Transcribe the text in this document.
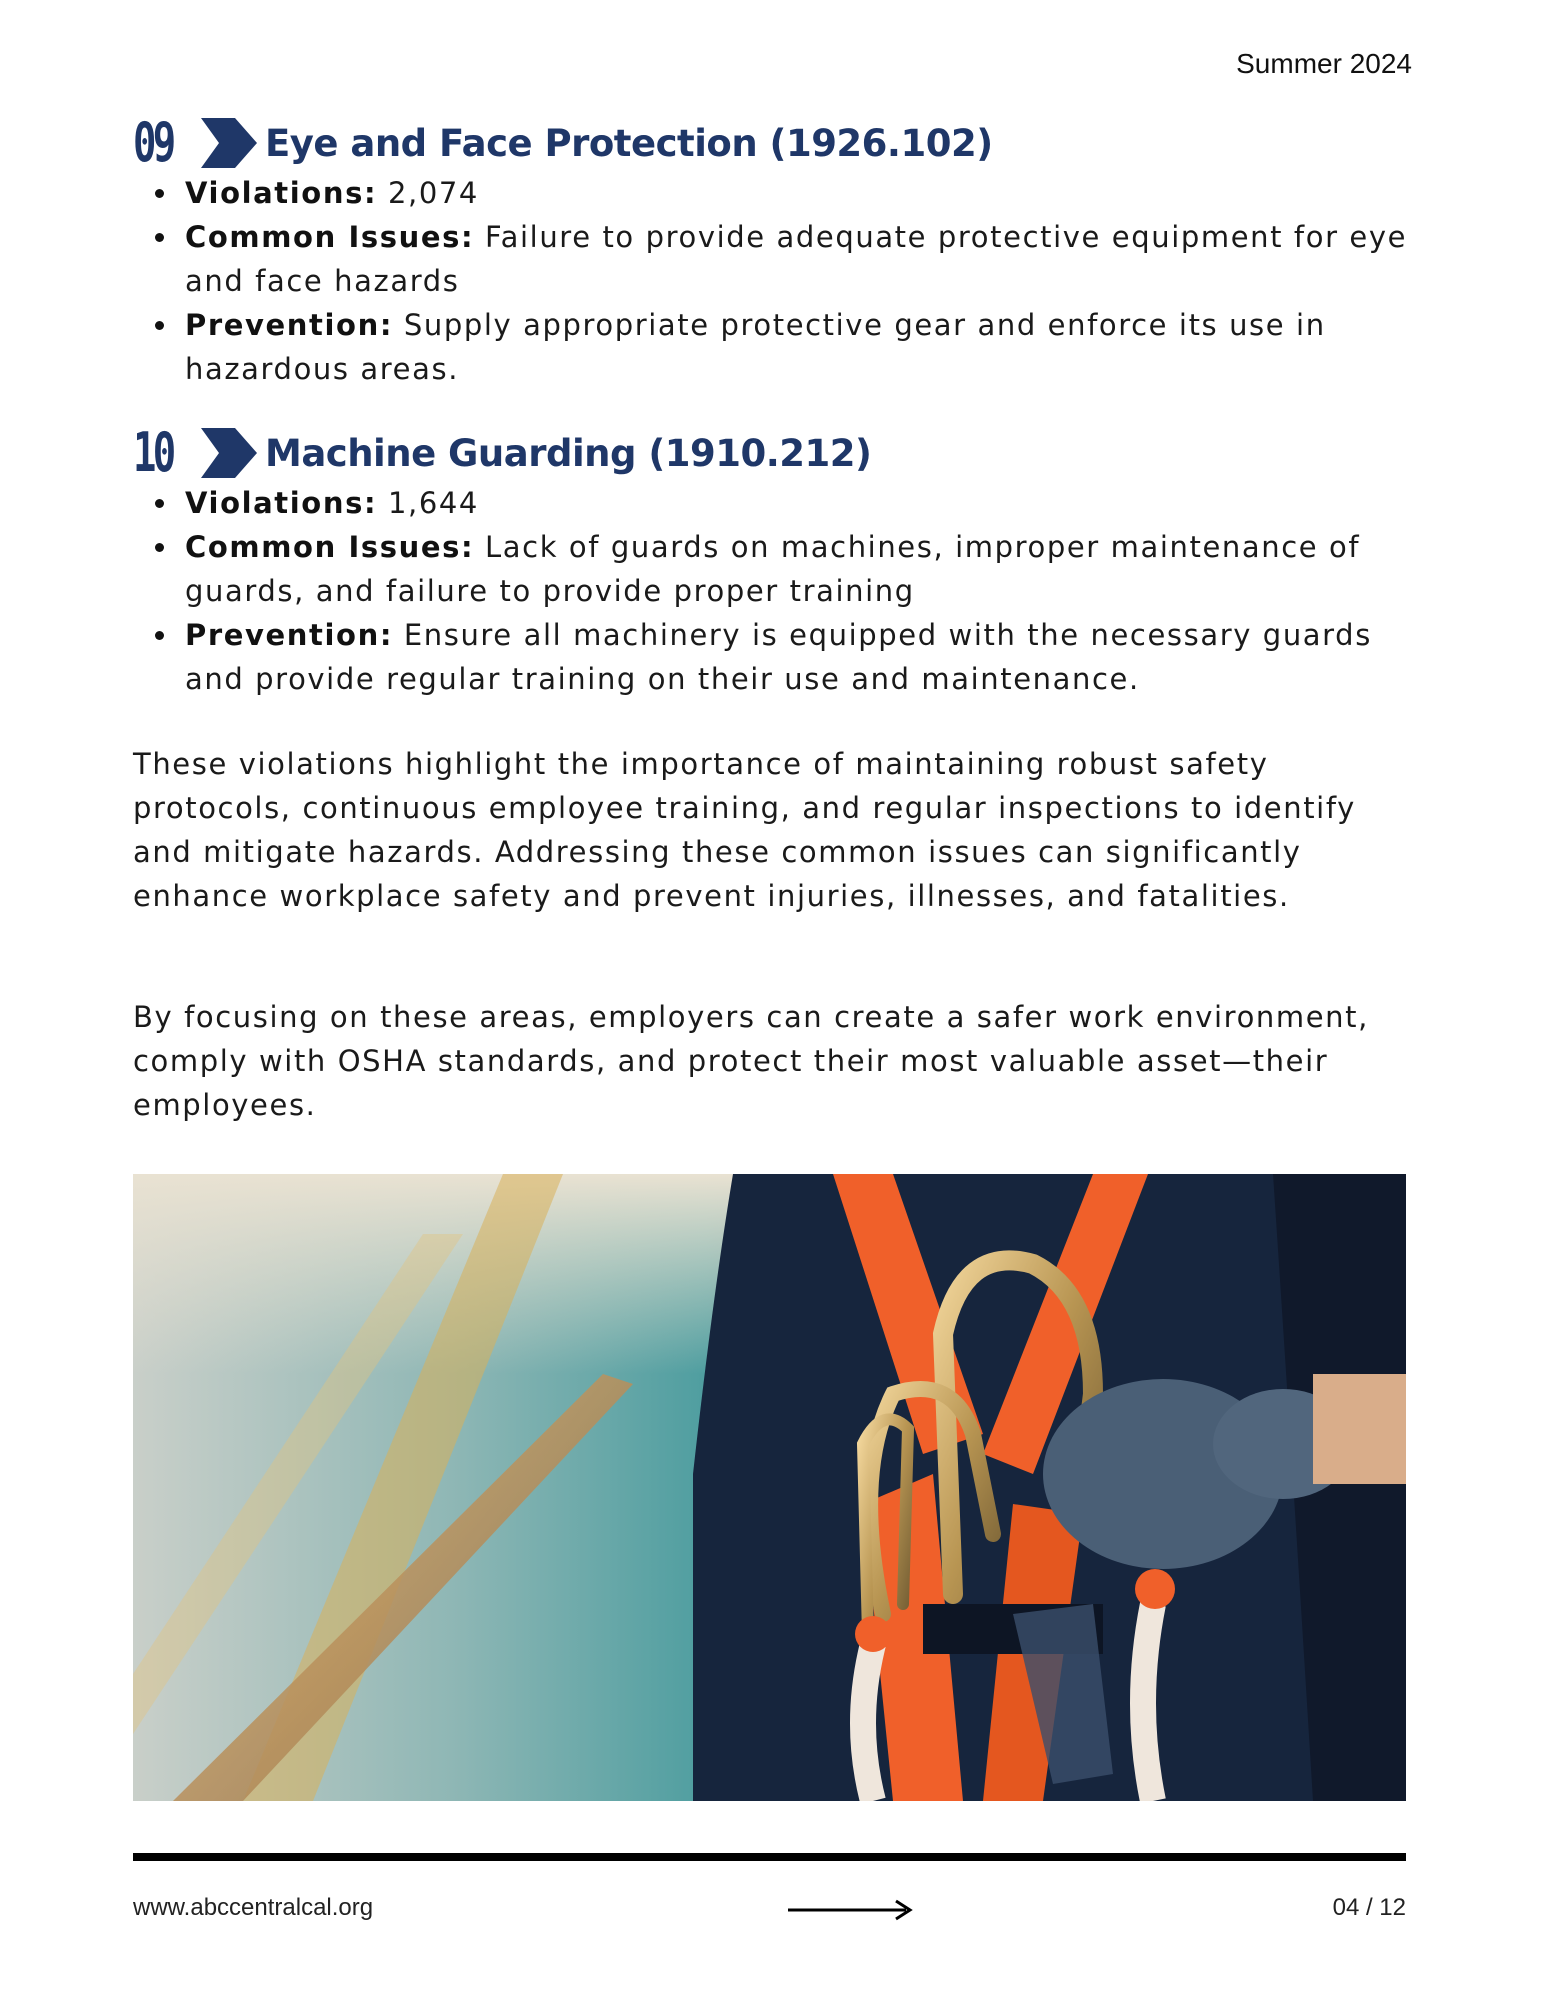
Summer 2024
09 Eye and Face Protection (1926.102)
Violations: 2,074
Common Issues: Failure to provide adequate protective equipment for eye and face hazards
Prevention: Supply appropriate protective gear and enforce its use in hazardous areas.
10 Machine Guarding (1910.212)
Violations: 1,644
Common Issues: Lack of guards on machines, improper maintenance of guards, and failure to provide proper training
Prevention: Ensure all machinery is equipped with the necessary guards and provide regular training on their use and maintenance.

These violations highlight the importance of maintaining robust safety protocols, continuous employee training, and regular inspections to identify and mitigate hazards. Addressing these common issues can significantly enhance workplace safety and prevent injuries, illnesses, and fatalities.

By focusing on these areas, employers can create a safer work environment, comply with OSHA standards, and protect their most valuable asset—their employees.

www.abccentralcal.org	04 / 12
